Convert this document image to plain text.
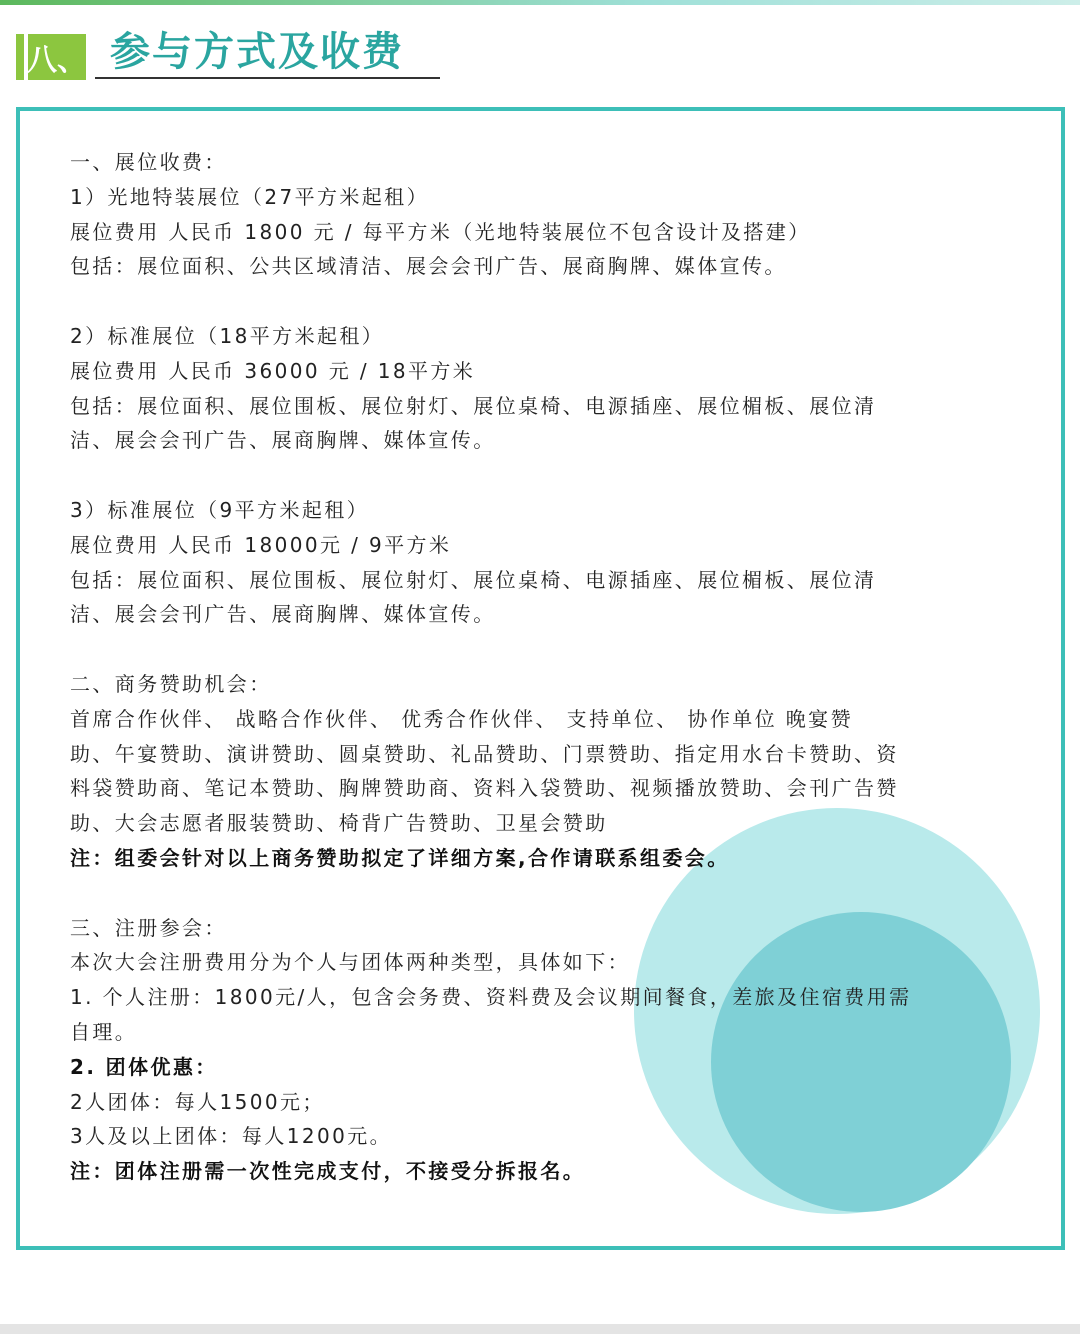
八、 参与方式及收费
一、展位收费：
1）光地特装展位（27平方米起租）
展位费用 人民币 1800 元 / 每平方米（光地特装展位不包含设计及搭建）
包括：展位面积、公共区域清洁、展会会刊广告、展商胸牌、媒体宣传。
2）标准展位（18平方米起租）
展位费用 人民币 36000 元 / 18平方米
包括：展位面积、展位围板、展位射灯、展位桌椅、电源插座、展位楣板、展位清
洁、展会会刊广告、展商胸牌、媒体宣传。
3）标准展位（9平方米起租）
展位费用 人民币 18000元 / 9平方米
包括：展位面积、展位围板、展位射灯、展位桌椅、电源插座、展位楣板、展位清
洁、展会会刊广告、展商胸牌、媒体宣传。
二、商务赞助机会：
首席合作伙伴、 战略合作伙伴、 优秀合作伙伴、 支持单位、 协作单位 晚宴赞
助、午宴赞助、演讲赞助、圆桌赞助、礼品赞助、门票赞助、指定用水台卡赞助、资
料袋赞助商、笔记本赞助、胸牌赞助商、资料入袋赞助、视频播放赞助、会刊广告赞
助、大会志愿者服装赞助、椅背广告赞助、卫星会赞助
注：组委会针对以上商务赞助拟定了详细方案,合作请联系组委会。
三、注册参会：
本次大会注册费用分为个人与团体两种类型，具体如下：
1. 个人注册：1800元/人，包含会务费、资料费及会议期间餐食，差旅及住宿费用需
自理。
2. 团体优惠：
2人团体：每人1500元；
3人及以上团体：每人1200元。
注：团体注册需一次性完成支付，不接受分拆报名。
